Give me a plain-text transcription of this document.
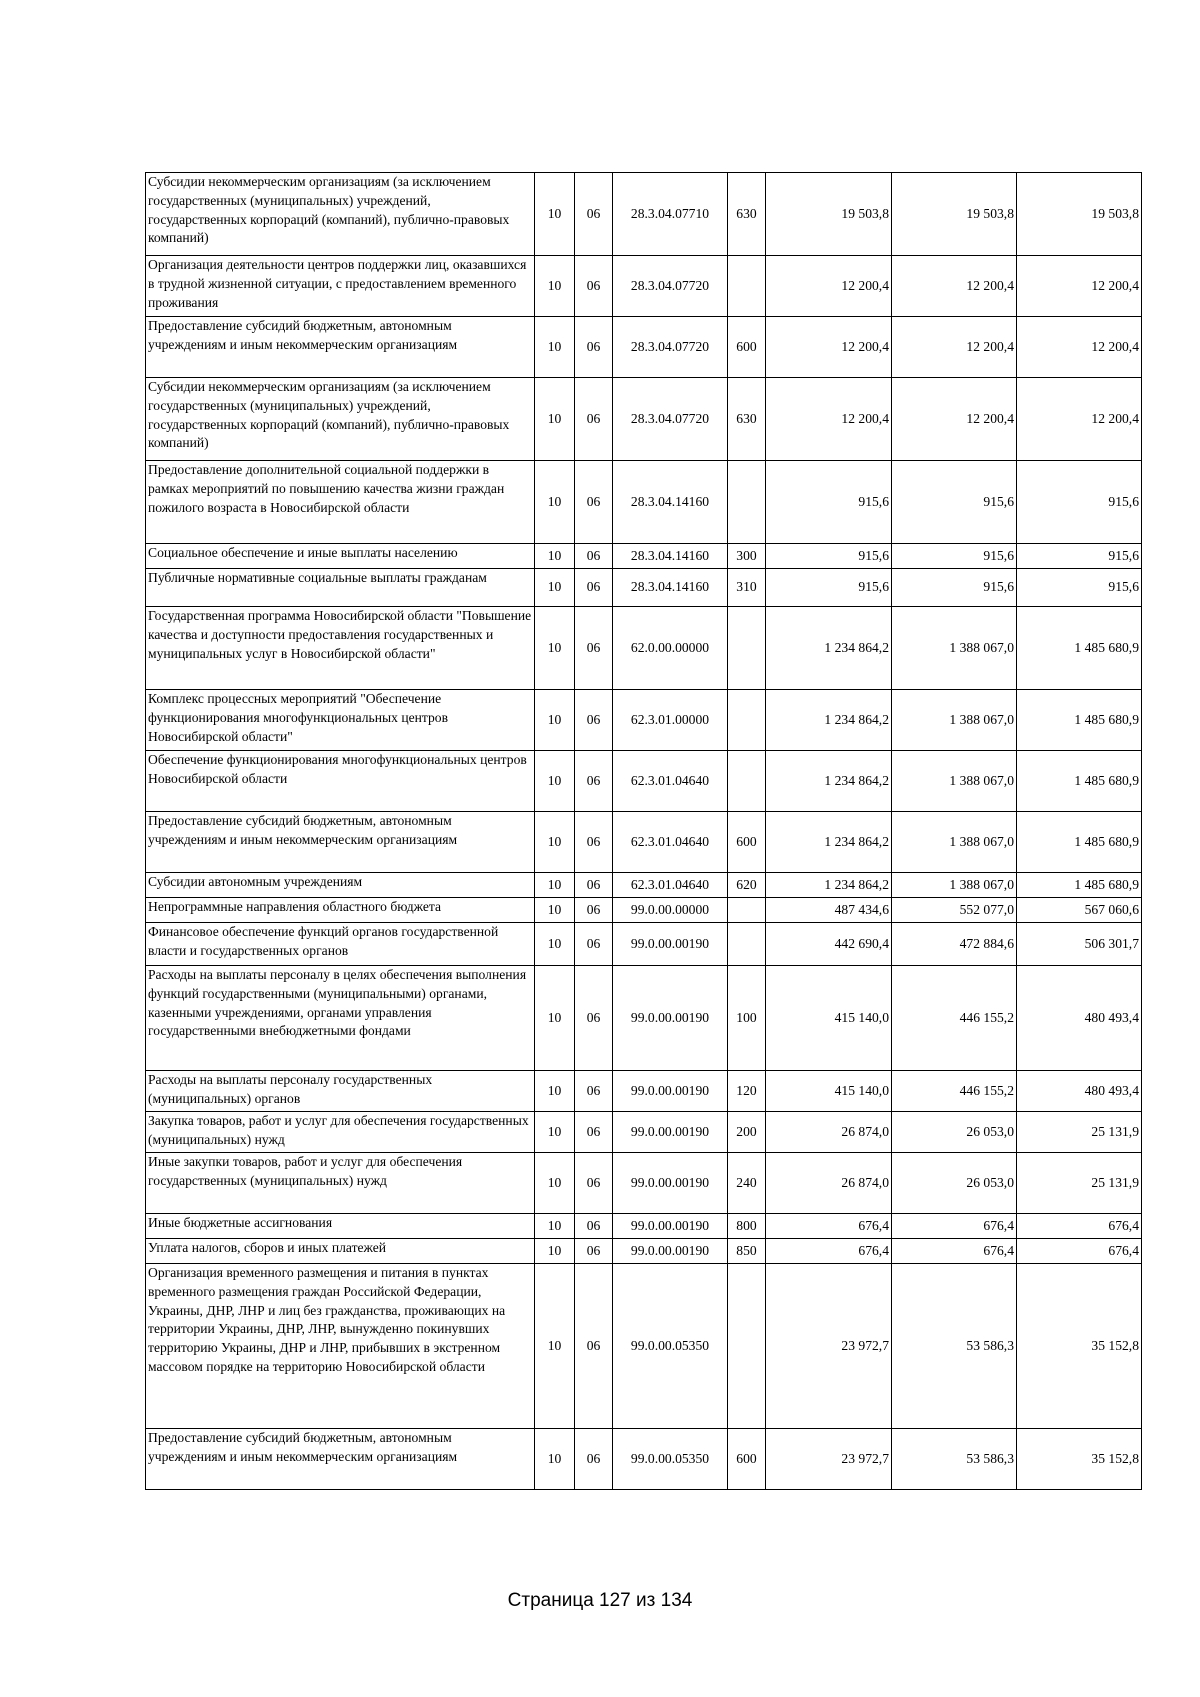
Субсидии некоммерческим организациям (за исключением государственных (муниципальных) учреждений, государственных корпораций (компаний), публично-правовых компаний)	10	06	28.3.04.07710	630	19 503,8	19 503,8	19 503,8
Организация деятельности центров поддержки лиц, оказавшихся в трудной жизненной ситуации, с предоставлением временного проживания	10	06	28.3.04.07720		12 200,4	12 200,4	12 200,4
Предоставление субсидий бюджетным, автономным учреждениям и иным некоммерческим организациям	10	06	28.3.04.07720	600	12 200,4	12 200,4	12 200,4
Субсидии некоммерческим организациям (за исключением государственных (муниципальных) учреждений, государственных корпораций (компаний), публично-правовых компаний)	10	06	28.3.04.07720	630	12 200,4	12 200,4	12 200,4
Предоставление дополнительной социальной поддержки в рамках мероприятий по повышению качества жизни граждан пожилого возраста в Новосибирской области	10	06	28.3.04.14160		915,6	915,6	915,6
Социальное обеспечение и иные выплаты населению	10	06	28.3.04.14160	300	915,6	915,6	915,6
Публичные нормативные социальные выплаты гражданам	10	06	28.3.04.14160	310	915,6	915,6	915,6
Государственная программа Новосибирской области "Повышение качества и доступности предоставления государственных и муниципальных услуг в Новосибирской области"	10	06	62.0.00.00000		1 234 864,2	1 388 067,0	1 485 680,9
Комплекс процессных мероприятий "Обеспечение функционирования многофункциональных центров Новосибирской области"	10	06	62.3.01.00000		1 234 864,2	1 388 067,0	1 485 680,9
Обеспечение функционирования многофункциональных центров Новосибирской области	10	06	62.3.01.04640		1 234 864,2	1 388 067,0	1 485 680,9
Предоставление субсидий бюджетным, автономным учреждениям и иным некоммерческим организациям	10	06	62.3.01.04640	600	1 234 864,2	1 388 067,0	1 485 680,9
Субсидии автономным учреждениям	10	06	62.3.01.04640	620	1 234 864,2	1 388 067,0	1 485 680,9
Непрограммные направления областного бюджета	10	06	99.0.00.00000		487 434,6	552 077,0	567 060,6
Финансовое обеспечение функций органов государственной власти и государственных органов	10	06	99.0.00.00190		442 690,4	472 884,6	506 301,7
Расходы на выплаты персоналу в целях обеспечения выполнения функций государственными (муниципальными) органами, казенными учреждениями, органами управления государственными внебюджетными фондами	10	06	99.0.00.00190	100	415 140,0	446 155,2	480 493,4
Расходы на выплаты персоналу государственных (муниципальных) органов	10	06	99.0.00.00190	120	415 140,0	446 155,2	480 493,4
Закупка товаров, работ и услуг для обеспечения государственных (муниципальных) нужд	10	06	99.0.00.00190	200	26 874,0	26 053,0	25 131,9
Иные закупки товаров, работ и услуг для обеспечения государственных (муниципальных) нужд	10	06	99.0.00.00190	240	26 874,0	26 053,0	25 131,9
Иные бюджетные ассигнования	10	06	99.0.00.00190	800	676,4	676,4	676,4
Уплата налогов, сборов и иных платежей	10	06	99.0.00.00190	850	676,4	676,4	676,4
Организация временного размещения и питания в пунктах временного размещения граждан Российской Федерации, Украины, ДНР, ЛНР и лиц без гражданства, проживающих на территории Украины, ДНР, ЛНР, вынужденно покинувших территорию Украины, ДНР и ЛНР, прибывших в экстренном массовом порядке на территорию Новосибирской области	10	06	99.0.00.05350		23 972,7	53 586,3	35 152,8
Предоставление субсидий бюджетным, автономным учреждениям и иным некоммерческим организациям	10	06	99.0.00.05350	600	23 972,7	53 586,3	35 152,8
Страница 127 из 134
